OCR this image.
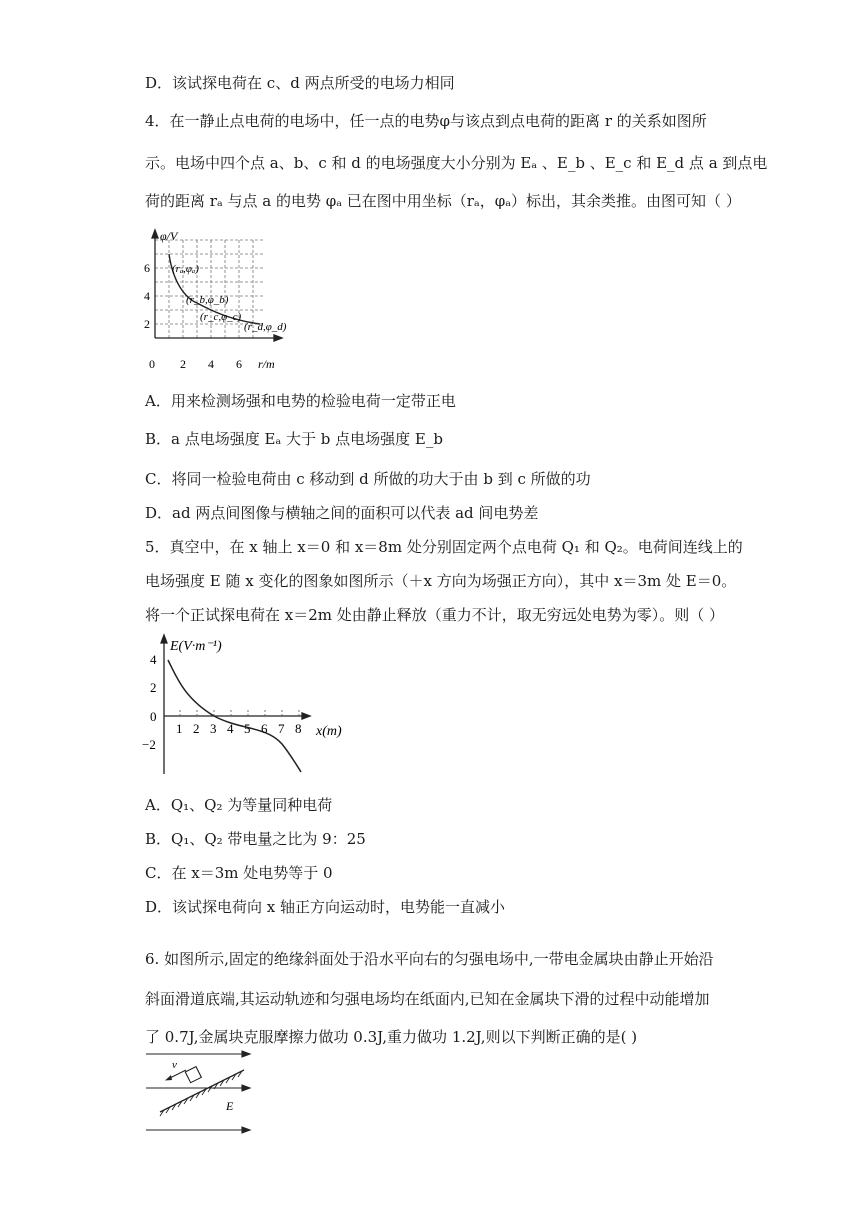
D．该试探电荷在 c、d 两点所受的电场力相同
4．在一静止点电荷的电场中，任一点的电势φ与该点到点电荷的距离 r 的关系如图所
示。电场中四个点 a、b、c 和 d 的电场强度大小分别为 Eₐ 、E_b 、E_c 和 E_d 点 a 到点电
荷的距离 rₐ 与点 a 的电势 φₐ 已在图中用坐标（rₐ，φₐ）标出，其余类推。由图可知（ ）
φ/V
r/m
6
4
2
0 2 4 6
(rₐ,φₐ)
(r_b,φ_b)
(r_c,φ_c)
(r_d,φ_d)
A．用来检测场强和电势的检验电荷一定带正电
B．a 点电场强度 Eₐ 大于 b 点电场强度 E_b
C．将同一检验电荷由 c 移动到 d 所做的功大于由 b 到 c 所做的功
D．ad 两点间图像与横轴之间的面积可以代表 ad 间电势差
5．真空中，在 x 轴上 x＝0 和 x＝8m 处分别固定两个点电荷 Q₁ 和 Q₂。电荷间连线上的
电场强度 E 随 x 变化的图象如图所示（＋x 方向为场强正方向），其中 x＝3m 处 E＝0。
将一个正试探电荷在 x＝2m 处由静止释放（重力不计，取无穷远处电势为零）。则（ ）
E(V·m⁻¹)
x(m)
4
2
0
−2
1 2 3 4 5 6 7 8
A．Q₁、Q₂ 为等量同种电荷
B．Q₁、Q₂ 带电量之比为 9：25
C．在 x＝3m 处电势等于 0
D．该试探电荷向 x 轴正方向运动时，电势能一直减小
6. 如图所示,固定的绝缘斜面处于沿水平向右的匀强电场中,一带电金属块由静止开始沿
斜面滑道底端,其运动轨迹和匀强电场均在纸面内,已知在金属块下滑的过程中动能增加
了 0.7J,金属块克服摩擦力做功 0.3J,重力做功 1.2J,则以下判断正确的是( )
v
E
